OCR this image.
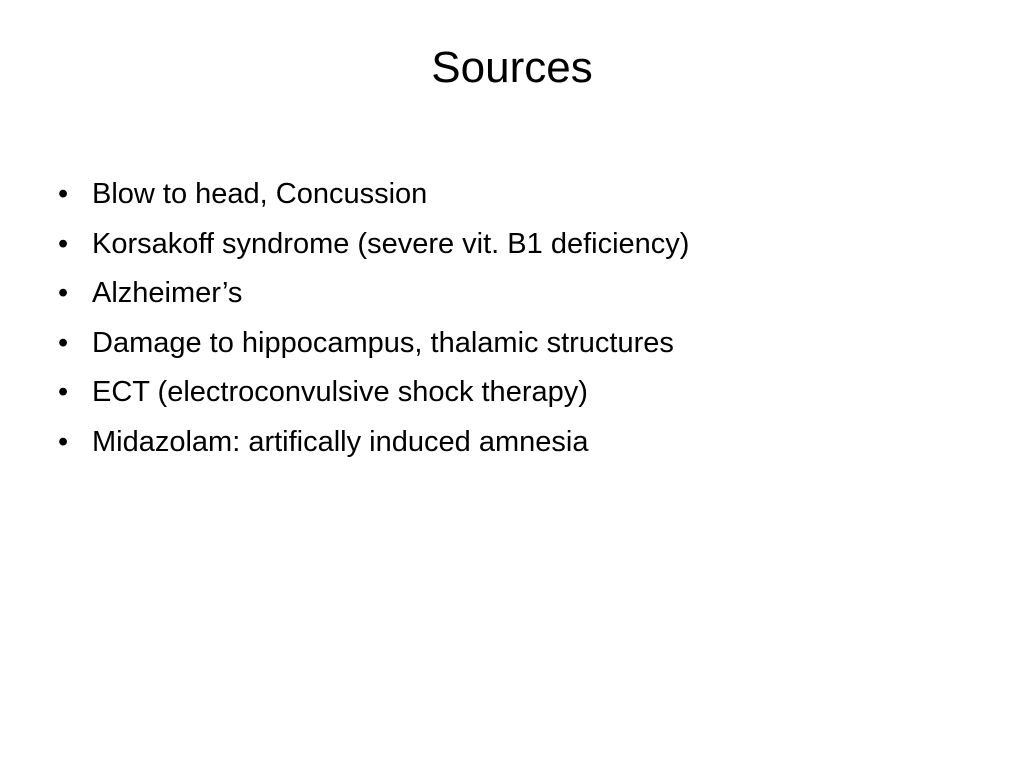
Sources
• Blow to head, Concussion
• Korsakoff syndrome (severe vit. B1 deficiency)
• Alzheimer’s
• Damage to hippocampus, thalamic structures
• ECT (electroconvulsive shock therapy)
• Midazolam: artifically induced amnesia
